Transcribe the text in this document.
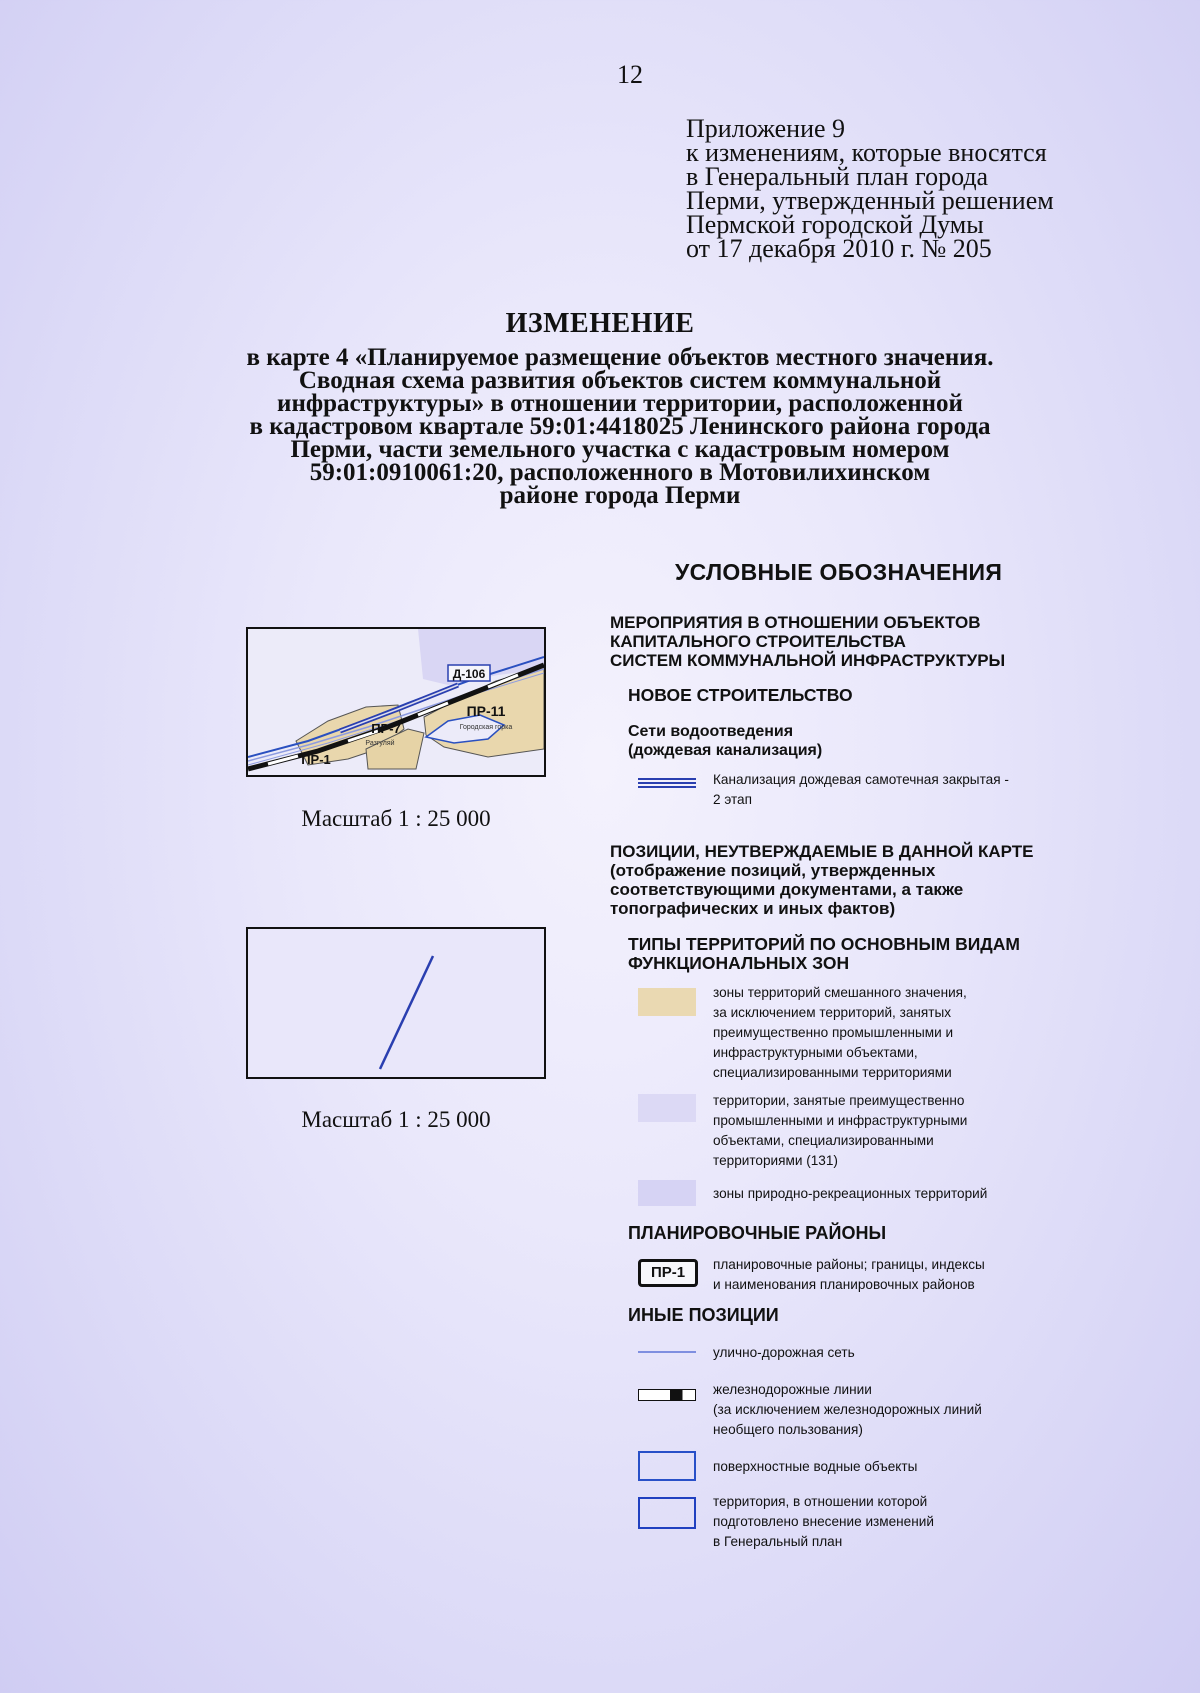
12
Приложение 9
к изменениям, которые вносятся
в Генеральный план города
Перми, утвержденный решением
Пермской городской Думы
от 17 декабря 2010 г. № 205
ИЗМЕНЕНИЕ
в карте 4 «Планируемое размещение объектов местного значения.
Сводная схема развития объектов систем коммунальной
инфраструктуры» в отношении территории, расположенной
в кадастровом квартале 59:01:4418025 Ленинского района города
Перми, части земельного участка с кадастровым номером
59:01:0910061:20, расположенного в Мотовилихинском
районе города Перми
Д-106
ПР-11
Городская горка
ПР-7
Разгуляй
ПР-1
Масштаб 1 : 25 000
Масштаб 1 : 25 000
УСЛОВНЫЕ ОБОЗНАЧЕНИЯ
МЕРОПРИЯТИЯ В ОТНОШЕНИИ ОБЪЕКТОВ
КАПИТАЛЬНОГО СТРОИТЕЛЬСТВА
СИСТЕМ КОММУНАЛЬНОЙ ИНФРАСТРУКТУРЫ
НОВОЕ СТРОИТЕЛЬСТВО
Сети водоотведения
(дождевая канализация)
Канализация дождевая самотечная закрытая -
2 этап
ПОЗИЦИИ, НЕУТВЕРЖДАЕМЫЕ В ДАННОЙ КАРТЕ
(отображение позиций, утвержденных
соответствующими документами, а также
топографических и иных фактов)
ТИПЫ ТЕРРИТОРИЙ ПО ОСНОВНЫМ ВИДАМ
ФУНКЦИОНАЛЬНЫХ ЗОН
зоны территорий смешанного значения,
за исключением территорий, занятых
преимущественно промышленными и
инфраструктурными объектами,
специализированными территориями
территории, занятые преимущественно
промышленными и инфраструктурными
объектами, специализированными
территориями (131)
зоны природно-рекреационных территорий
ПЛАНИРОВОЧНЫЕ РАЙОНЫ
ПР-1	планировочные районы; границы, индексы
и наименования планировочных районов
ИНЫЕ ПОЗИЦИИ
улично-дорожная сеть
железнодорожные линии
(за исключением железнодорожных линий
необщего пользования)
поверхностные водные объекты
территория, в отношении которой
подготовлено внесение изменений
в Генеральный план
